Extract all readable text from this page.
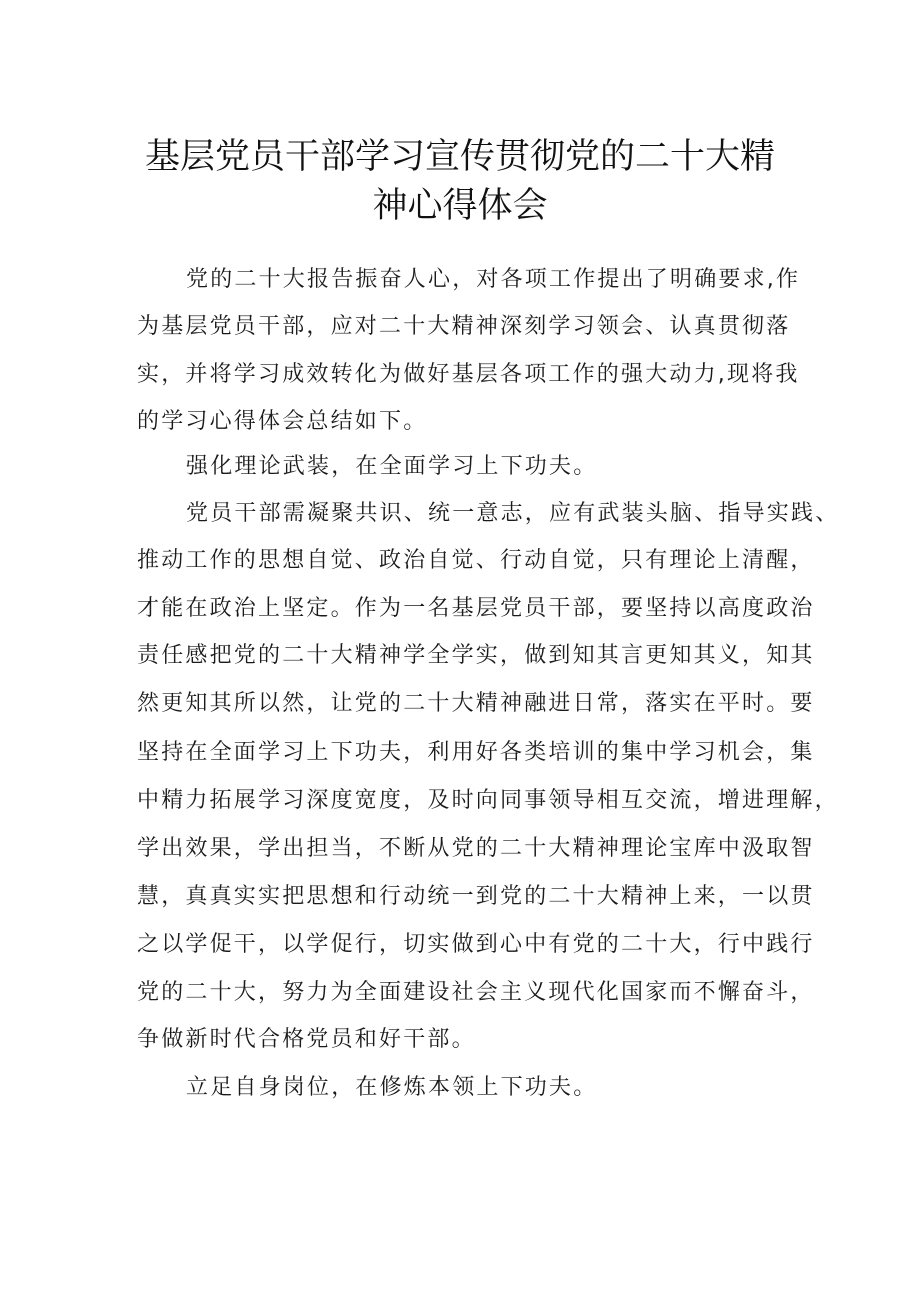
基层党员干部学习宣传贯彻党的二十大精
神心得体会
党的二十大报告振奋人心，对各项工作提出了明确要求,作
为基层党员干部，应对二十大精神深刻学习领会、认真贯彻落
实，并将学习成效转化为做好基层各项工作的强大动力,现将我
的学习心得体会总结如下。
强化理论武装，在全面学习上下功夫。
党员干部需凝聚共识、统一意志，应有武装头脑、指导实践、
推动工作的思想自觉、政治自觉、行动自觉，只有理论上清醒，
才能在政治上坚定。作为一名基层党员干部，要坚持以高度政治
责任感把党的二十大精神学全学实，做到知其言更知其义，知其
然更知其所以然，让党的二十大精神融进日常，落实在平时。要
坚持在全面学习上下功夫，利用好各类培训的集中学习机会，集
中精力拓展学习深度宽度，及时向同事领导相互交流，增进理解，
学出效果，学出担当，不断从党的二十大精神理论宝库中汲取智
慧，真真实实把思想和行动统一到党的二十大精神上来，一以贯
之以学促干，以学促行，切实做到心中有党的二十大，行中践行
党的二十大，努力为全面建设社会主义现代化国家而不懈奋斗，
争做新时代合格党员和好干部。
立足自身岗位，在修炼本领上下功夫。
